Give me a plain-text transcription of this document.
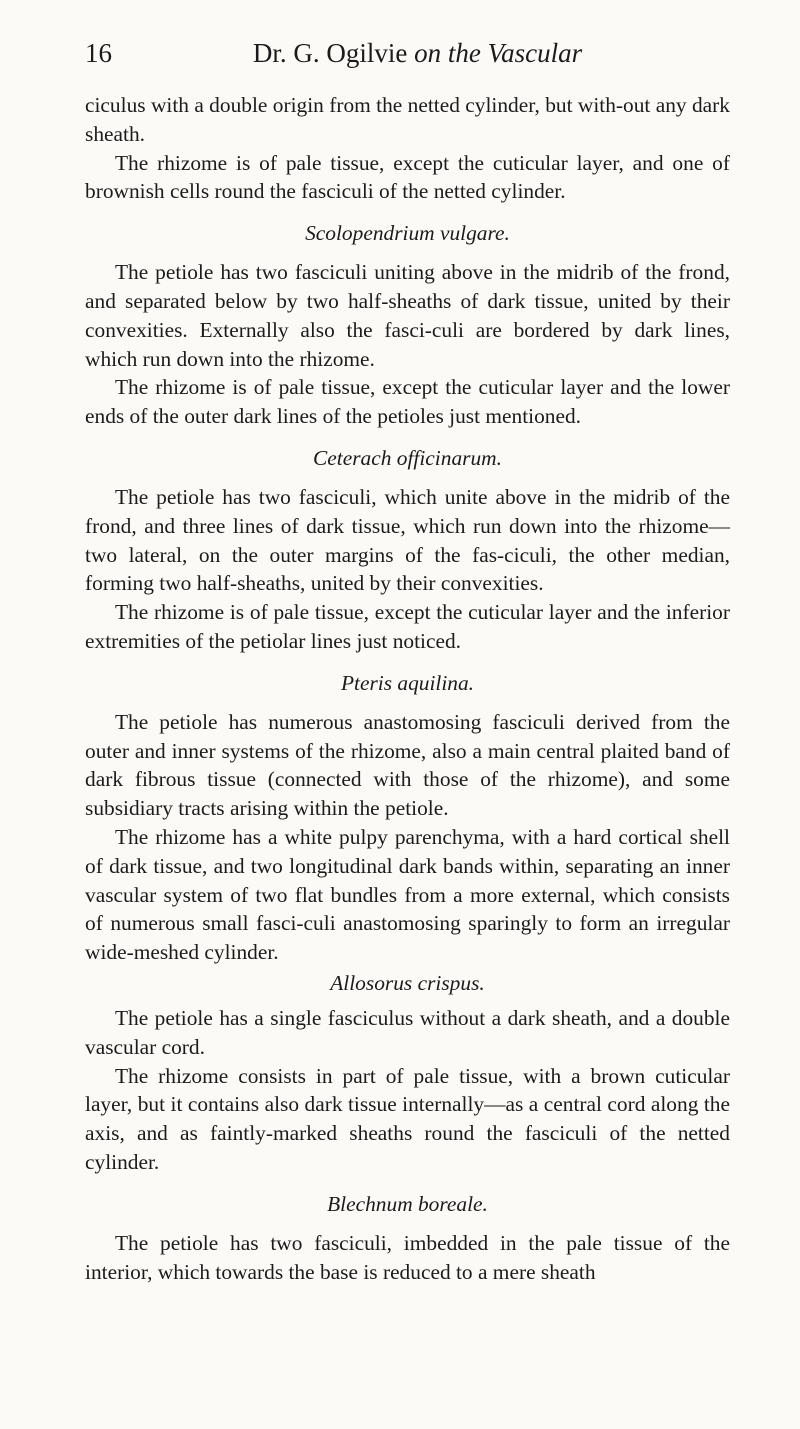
16	Dr. G. Ogilvie on the Vascular

ciculus with a double origin from the netted cylinder, but with-out any dark sheath.

The rhizome is of pale tissue, except the cuticular layer, and one of brownish cells round the fasciculi of the netted cylinder.

Scolopendrium vulgare.

The petiole has two fasciculi uniting above in the midrib of the frond, and separated below by two half-sheaths of dark tissue, united by their convexities. Externally also the fasci-culi are bordered by dark lines, which run down into the rhizome.

The rhizome is of pale tissue, except the cuticular layer and the lower ends of the outer dark lines of the petioles just mentioned.

Ceterach officinarum.

The petiole has two fasciculi, which unite above in the midrib of the frond, and three lines of dark tissue, which run down into the rhizome—two lateral, on the outer margins of the fas-ciculi, the other median, forming two half-sheaths, united by their convexities.

The rhizome is of pale tissue, except the cuticular layer and the inferior extremities of the petiolar lines just noticed.

Pteris aquilina.

The petiole has numerous anastomosing fasciculi derived from the outer and inner systems of the rhizome, also a main central plaited band of dark fibrous tissue (connected with those of the rhizome), and some subsidiary tracts arising within the petiole.

The rhizome has a white pulpy parenchyma, with a hard cortical shell of dark tissue, and two longitudinal dark bands within, separating an inner vascular system of two flat bundles from a more external, which consists of numerous small fasci-culi anastomosing sparingly to form an irregular wide-meshed cylinder.

Allosorus crispus.

The petiole has a single fasciculus without a dark sheath, and a double vascular cord.

The rhizome consists in part of pale tissue, with a brown cuticular layer, but it contains also dark tissue internally—as a central cord along the axis, and as faintly-marked sheaths round the fasciculi of the netted cylinder.

Blechnum boreale.

The petiole has two fasciculi, imbedded in the pale tissue of the interior, which towards the base is reduced to a mere sheath
